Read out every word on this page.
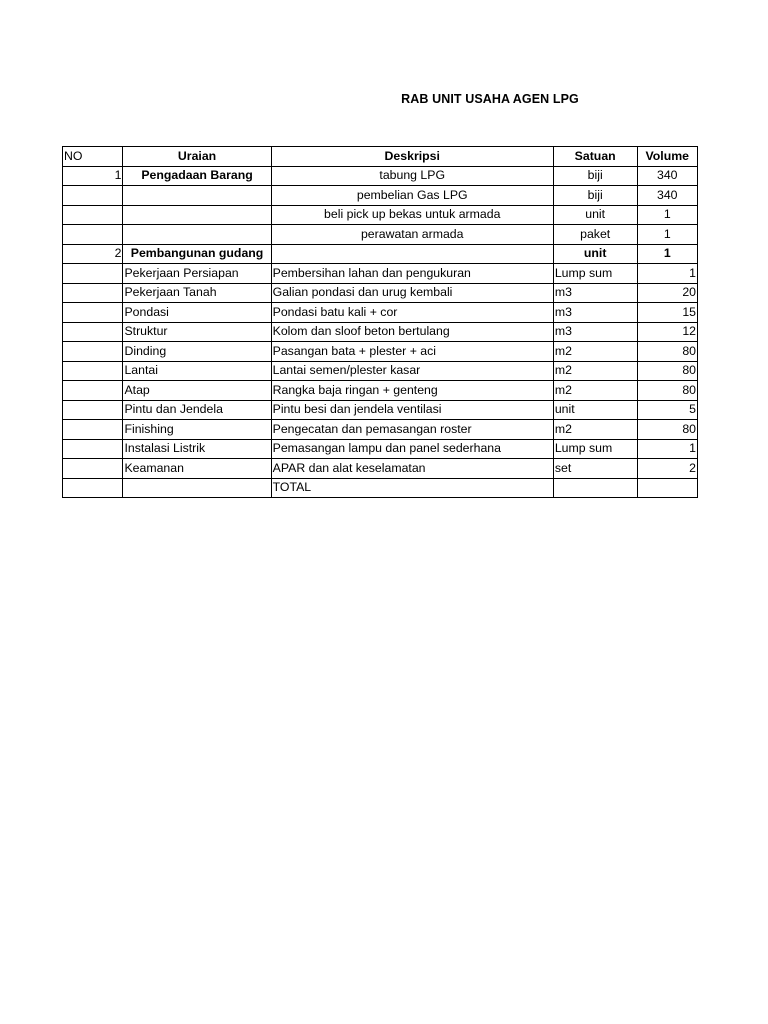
RAB UNIT USAHA AGEN LPG
NO	Uraian	Deskripsi	Satuan	Volume
1	Pengadaan Barang	tabung LPG	biji	340
		pembelian Gas LPG	biji	340
		beli pick up bekas untuk armada	unit	1
		perawatan armada	paket	1
2	Pembangunan gudang		unit	1
	Pekerjaan Persiapan	Pembersihan lahan dan pengukuran	Lump sum	1
	Pekerjaan Tanah	Galian pondasi dan urug kembali	m3	20
	Pondasi	Pondasi batu kali + cor	m3	15
	Struktur	Kolom dan sloof beton bertulang	m3	12
	Dinding	Pasangan bata + plester + aci	m2	80
	Lantai	Lantai semen/plester kasar	m2	80
	Atap	Rangka baja ringan + genteng	m2	80
	Pintu dan Jendela	Pintu besi dan jendela ventilasi	unit	5
	Finishing	Pengecatan dan pemasangan roster	m2	80
	Instalasi Listrik	Pemasangan lampu dan panel sederhana	Lump sum	1
	Keamanan	APAR dan alat keselamatan	set	2
		TOTAL		
